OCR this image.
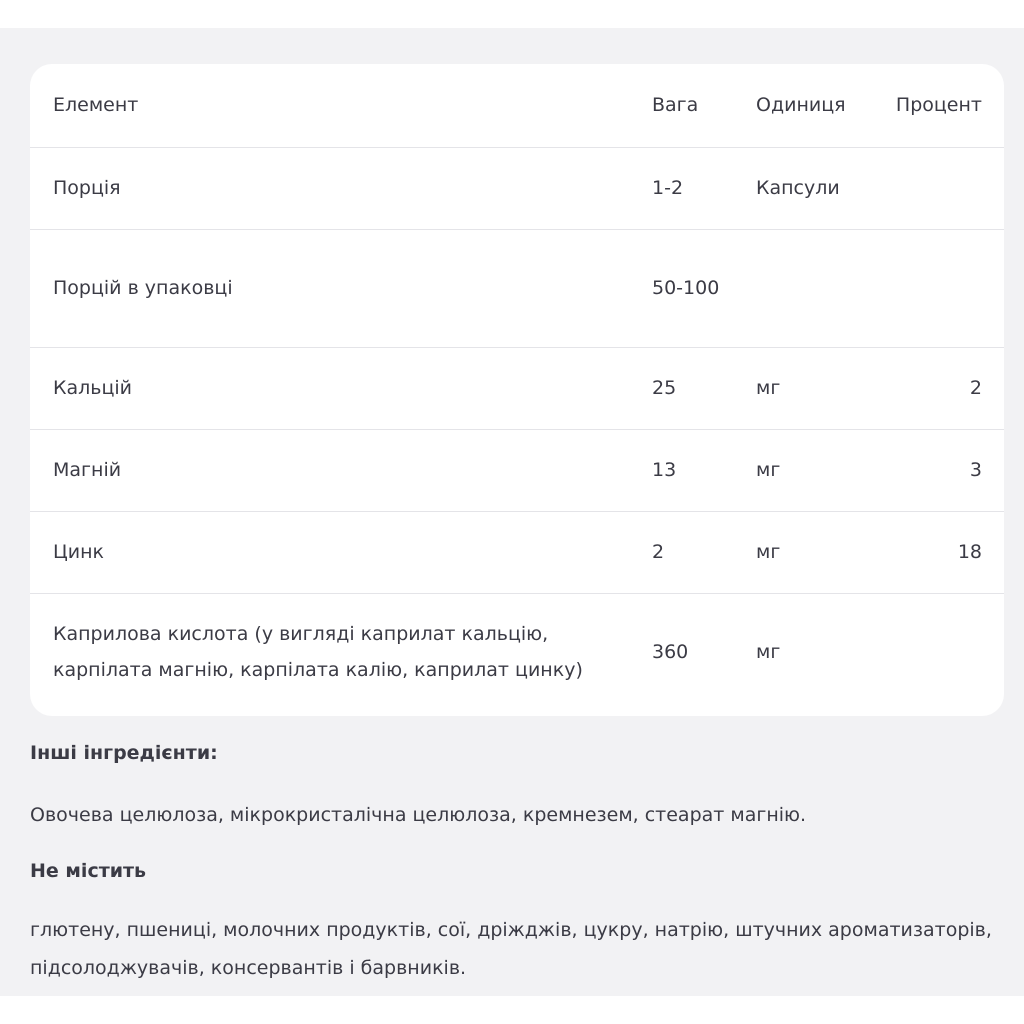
Елемент	Вага	Одиниця	Процент
Порція	1-2	Капсули	
Порцій в упаковці	50-100		
Кальцій	25	мг	2
Магній	13	мг	3
Цинк	2	мг	18
Каприлова кислота (у вигляді каприлат кальцію, карпілата магнію, карпілата калію, каприлат цинку)	360	мг	
Інші інгредієнти:
Овочева целюлоза, мікрокристалічна целюлоза, кремнезем, стеарат магнію.
Не містить
глютену, пшениці, молочних продуктів, сої, дріжджів, цукру, натрію, штучних ароматизаторів, підсолоджувачів, консервантів і барвників.
